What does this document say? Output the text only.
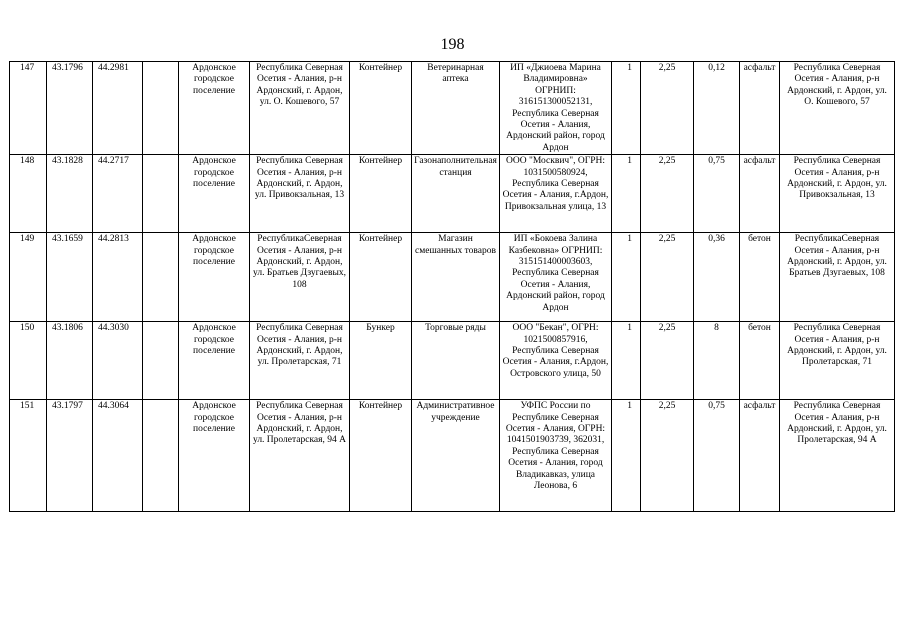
198
147	43.1796	44.2981		Ардонское городское поселение	Республика Северная Осетия - Алания, р-н Ардонский, г. Ардон, ул. О. Кошевого, 57	Контейнер	Ветеринарная аптека	ИП «Джиоева Марина Владимировна» ОГРНИП: 316151300052131, Республика Северная Осетия - Алания, Ардонский район, город Ардон	1	2,25	0,12	асфальт	Республика Северная Осетия - Алания, р-н Ардонский, г. Ардон, ул. О. Кошевого, 57
148	43.1828	44.2717		Ардонское городское поселение	Республика Северная Осетия - Алания, р-н Ардонский, г. Ардон, ул. Привокзальная, 13	Контейнер	Газонаполнительная станция	ООО "Москвич", ОГРН: 1031500580924, Республика Северная Осетия - Алания, г.Ардон, Привокзальная улица, 13	1	2,25	0,75	асфальт	Республика Северная Осетия - Алания, р-н Ардонский, г. Ардон, ул. Привокзальная, 13
149	43.1659	44.2813		Ардонское городское поселение	РеспубликаСеверная Осетия - Алания, р-н Ардонский, г. Ардон, ул. Братьев Дзугаевых, 108	Контейнер	Магазин смешанных товаров	ИП «Бокоева Залина Казбековна» ОГРНИП: 315151400003603, Республика Северная Осетия - Алания, Ардонский район, город Ардон	1	2,25	0,36	бетон	РеспубликаСеверная Осетия - Алания, р-н Ардонский, г. Ардон, ул. Братьев Дзугаевых, 108
150	43.1806	44.3030		Ардонское городское поселение	Республика Северная Осетия - Алания, р-н Ардонский, г. Ардон, ул. Пролетарская, 71	Бункер	Торговые ряды	ООО "Бекан", ОГРН: 1021500857916, Республика Северная Осетия - Алания, г.Ардон, Островского улица, 50	1	2,25	8	бетон	Республика Северная Осетия - Алания, р-н Ардонский, г. Ардон, ул. Пролетарская, 71
151	43.1797	44.3064		Ардонское городское поселение	Республика Северная Осетия - Алания, р-н Ардонский, г. Ардон, ул. Пролетарская, 94 А	Контейнер	Административное учреждение	УФПС России по Республике Северная Осетия - Алания, ОГРН: 1041501903739, 362031, Республика Северная Осетия - Алания, город Владикавказ, улица Леонова, 6	1	2,25	0,75	асфальт	Республика Северная Осетия - Алания, р-н Ардонский, г. Ардон, ул. Пролетарская, 94 А
